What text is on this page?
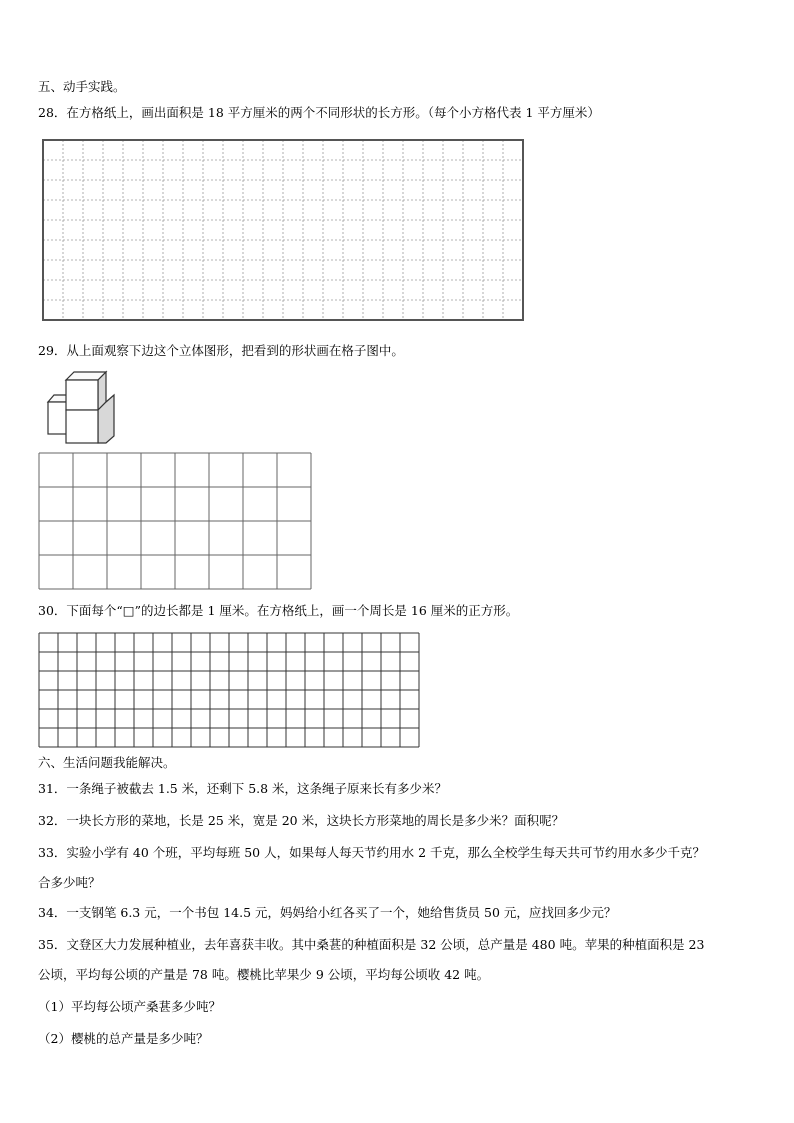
五、动手实践。
28．在方格纸上，画出面积是 18 平方厘米的两个不同形状的长方形。（每个小方格代表 1 平方厘米）
29．从上面观察下边这个立体图形，把看到的形状画在格子图中。
30．下面每个“□”的边长都是 1 厘米。在方格纸上，画一个周长是 16 厘米的正方形。
六、生活问题我能解决。
31．一条绳子被截去 1.5 米，还剩下 5.8 米，这条绳子原来长有多少米？
32．一块长方形的菜地，长是 25 米，宽是 20 米，这块长方形菜地的周长是多少米？面积呢？
33．实验小学有 40 个班，平均每班 50 人，如果每人每天节约用水 2 千克，那么全校学生每天共可节约用水多少千克？
合多少吨？
34．一支钢笔 6.3 元，一个书包 14.5 元，妈妈给小红各买了一个，她给售货员 50 元，应找回多少元？
35．文登区大力发展种植业，去年喜获丰收。其中桑葚的种植面积是 32 公顷，总产量是 480 吨。苹果的种植面积是 23
公顷，平均每公顷的产量是 78 吨。樱桃比苹果少 9 公顷，平均每公顷收 42 吨。
（1）平均每公顷产桑葚多少吨？
（2）樱桃的总产量是多少吨？
